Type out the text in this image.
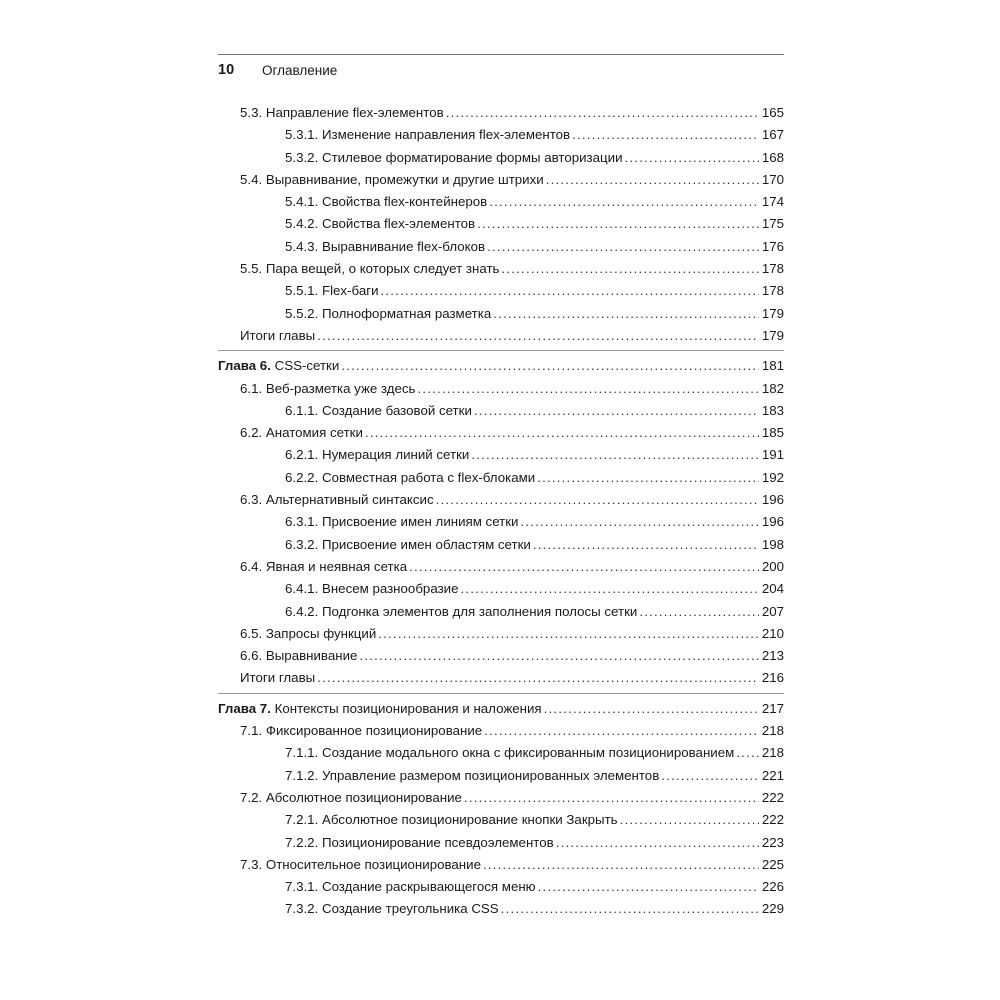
10 Оглавление
5.3. Направление flex-элементов .....	165
5.3.1. Изменение направления flex-элементов .....	167
5.3.2. Стилевое форматирование формы авторизации .....	168
5.4. Выравнивание, промежутки и другие штрихи .....	170
5.4.1. Свойства flex-контейнеров .....	174
5.4.2. Свойства flex-элементов .....	175
5.4.3. Выравнивание flex-блоков .....	176
5.5. Пара вещей, о которых следует знать .....	178
5.5.1. Flex-баги .....	178
5.5.2. Полноформатная разметка .....	179
Итоги главы .....	179
Глава 6. CSS-сетки .....	181
6.1. Веб-разметка уже здесь .....	182
6.1.1. Создание базовой сетки .....	183
6.2. Анатомия сетки .....	185
6.2.1. Нумерация линий сетки .....	191
6.2.2. Совместная работа с flex-блоками .....	192
6.3. Альтернативный синтаксис .....	196
6.3.1. Присвоение имен линиям сетки .....	196
6.3.2. Присвоение имен областям сетки .....	198
6.4. Явная и неявная сетка .....	200
6.4.1. Внесем разнообразие .....	204
6.4.2. Подгонка элементов для заполнения полосы сетки .....	207
6.5. Запросы функций .....	210
6.6. Выравнивание .....	213
Итоги главы .....	216
Глава 7. Контексты позиционирования и наложения .....	217
7.1. Фиксированное позиционирование .....	218
7.1.1. Создание модального окна с фиксированным позиционированием ..... 218
7.1.2. Управление размером позиционированных элементов .....	221
7.2. Абсолютное позиционирование .....	222
7.2.1. Абсолютное позиционирование кнопки Закрыть .....	222
7.2.2. Позиционирование псевдоэлементов .....	223
7.3. Относительное позиционирование .....	225
7.3.1. Создание раскрывающегося меню .....	226
7.3.2. Создание треугольника CSS .....	229
